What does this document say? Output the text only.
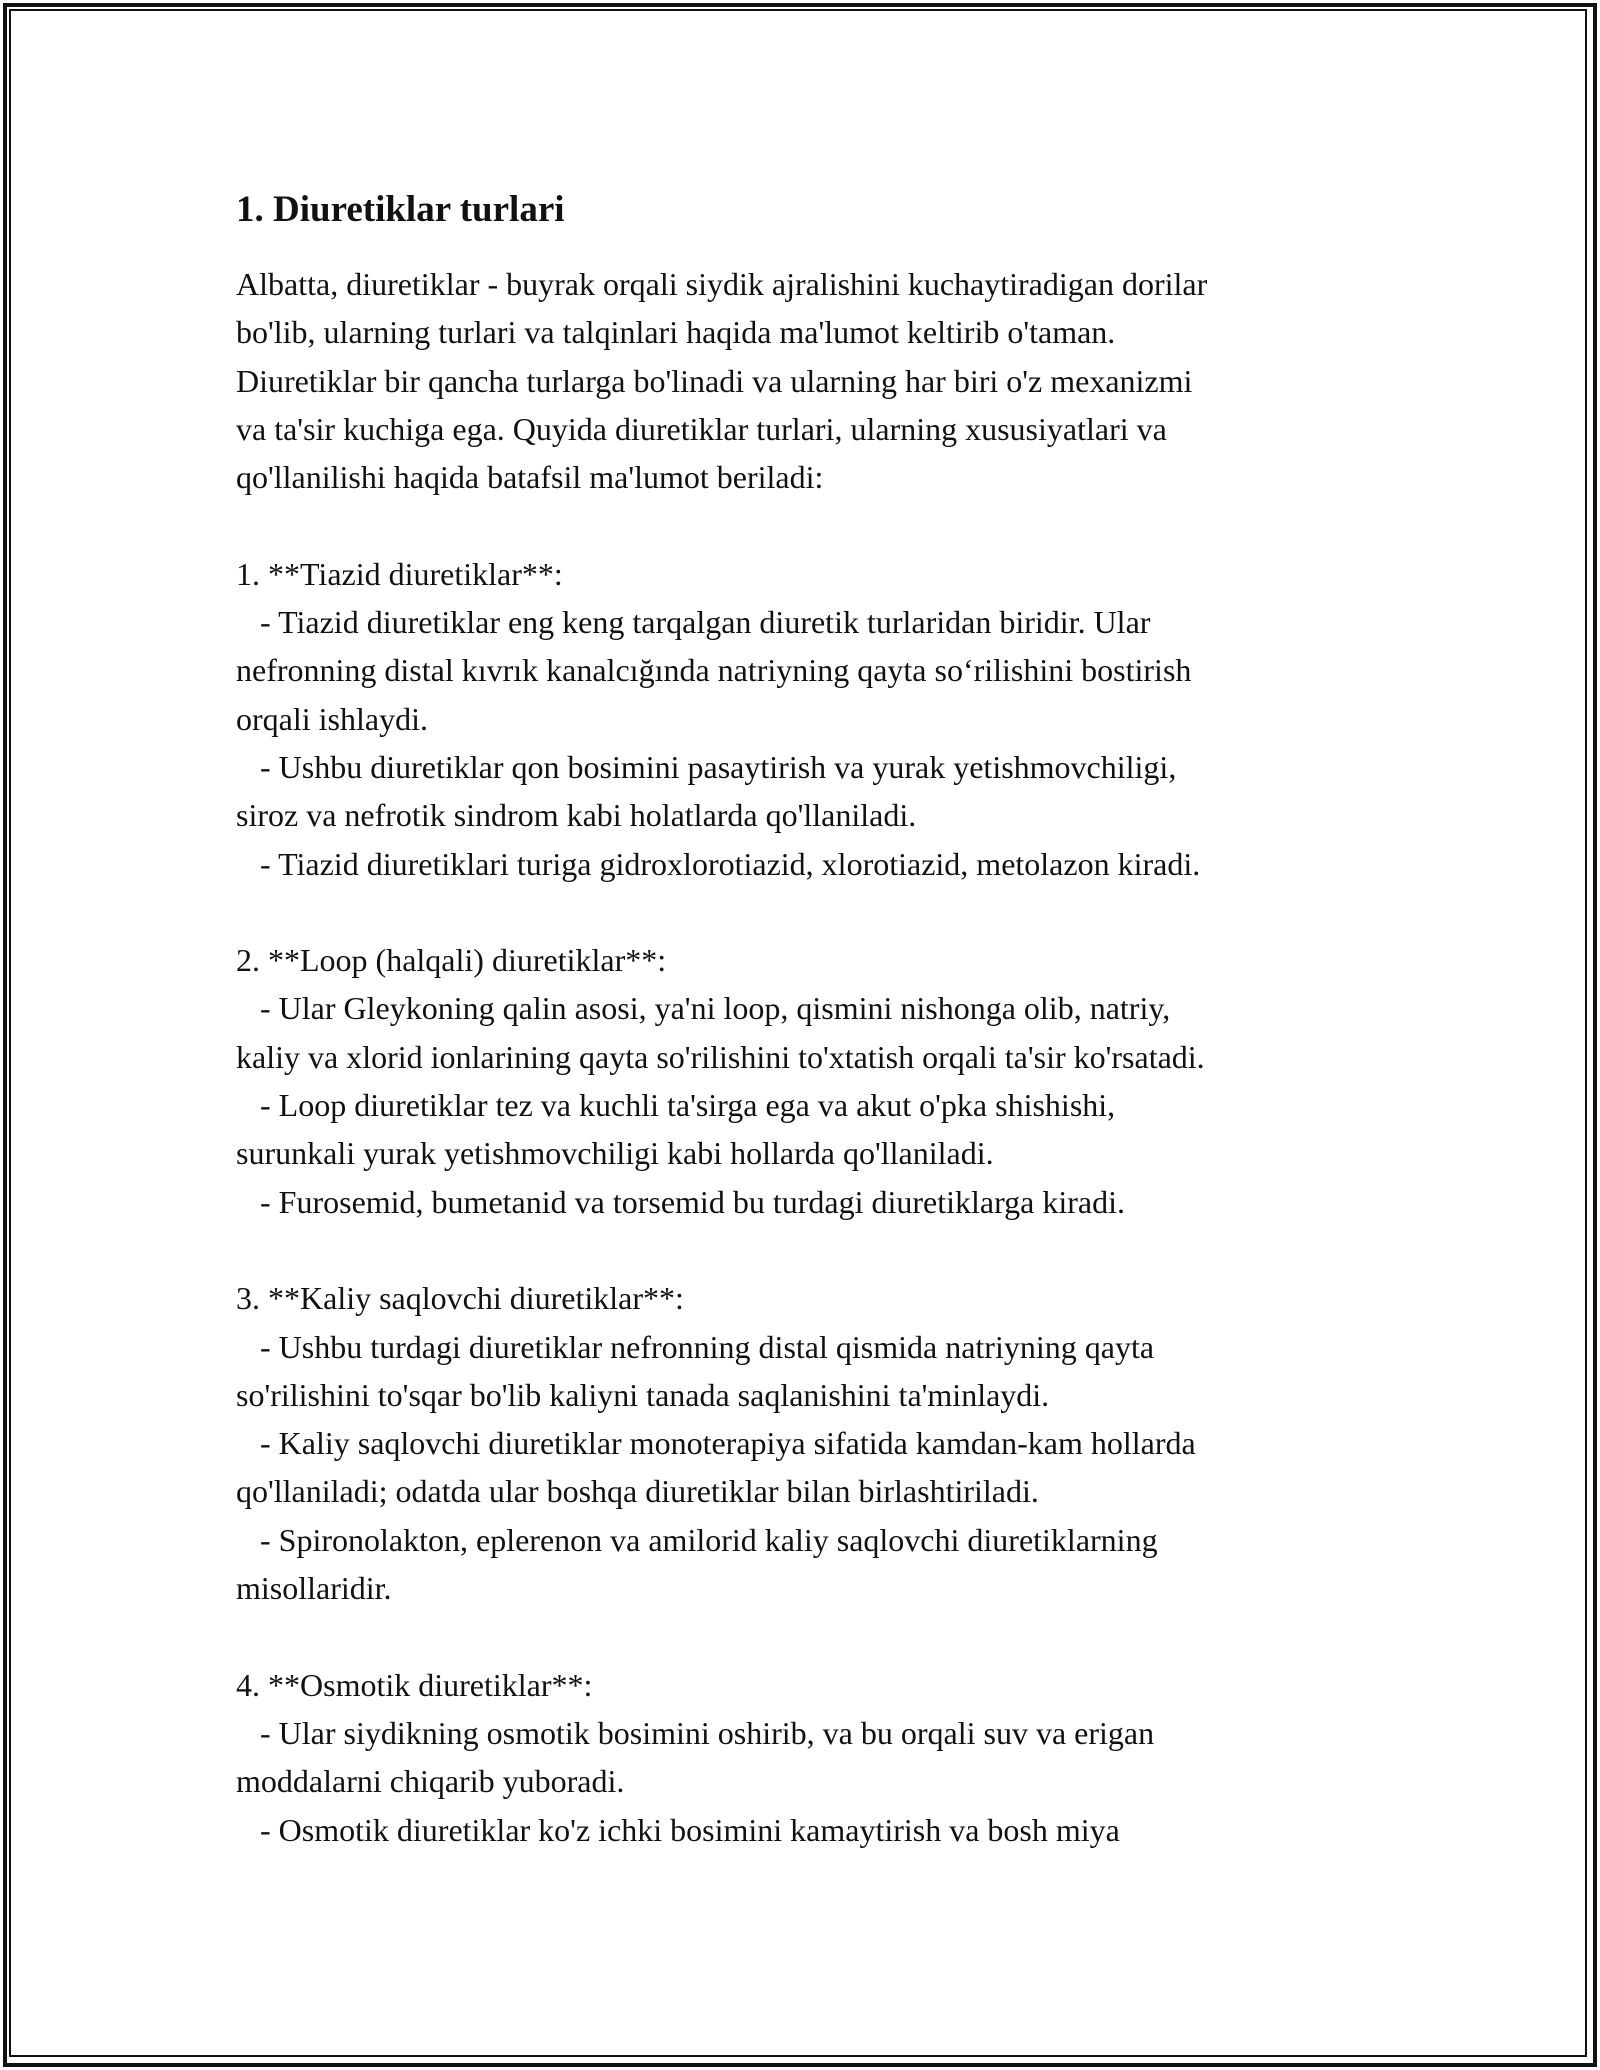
1. Diuretiklar turlari
Albatta, diuretiklar - buyrak orqali siydik ajralishini kuchaytiradigan dorilar
bo'lib, ularning turlari va talqinlari haqida ma'lumot keltirib o'taman.
Diuretiklar bir qancha turlarga bo'linadi va ularning har biri o'z mexanizmi
va ta'sir kuchiga ega. Quyida diuretiklar turlari, ularning xususiyatlari va
qo'llanilishi haqida batafsil ma'lumot beriladi:
1. **Tiazid diuretiklar**:
- Tiazid diuretiklar eng keng tarqalgan diuretik turlaridan biridir. Ular
nefronning distal kıvrık kanalcığında natriyning qayta soʻrilishini bostirish
orqali ishlaydi.
- Ushbu diuretiklar qon bosimini pasaytirish va yurak yetishmovchiligi,
siroz va nefrotik sindrom kabi holatlarda qo'llaniladi.
- Tiazid diuretiklari turiga gidroxlorotiazid, xlorotiazid, metolazon kiradi.
2. **Loop (halqali) diuretiklar**:
- Ular Gleykoning qalin asosi, ya'ni loop, qismini nishonga olib, natriy,
kaliy va xlorid ionlarining qayta so'rilishini to'xtatish orqali ta'sir ko'rsatadi.
- Loop diuretiklar tez va kuchli ta'sirga ega va akut o'pka shishishi,
surunkali yurak yetishmovchiligi kabi hollarda qo'llaniladi.
- Furosemid, bumetanid va torsemid bu turdagi diuretiklarga kiradi.
3. **Kaliy saqlovchi diuretiklar**:
- Ushbu turdagi diuretiklar nefronning distal qismida natriyning qayta
so'rilishini to'sqar bo'lib kaliyni tanada saqlanishini ta'minlaydi.
- Kaliy saqlovchi diuretiklar monoterapiya sifatida kamdan-kam hollarda
qo'llaniladi; odatda ular boshqa diuretiklar bilan birlashtiriladi.
- Spironolakton, eplerenon va amilorid kaliy saqlovchi diuretiklarning
misollaridir.
4. **Osmotik diuretiklar**:
- Ular siydikning osmotik bosimini oshirib, va bu orqali suv va erigan
moddalarni chiqarib yuboradi.
- Osmotik diuretiklar ko'z ichki bosimini kamaytirish va bosh miya
